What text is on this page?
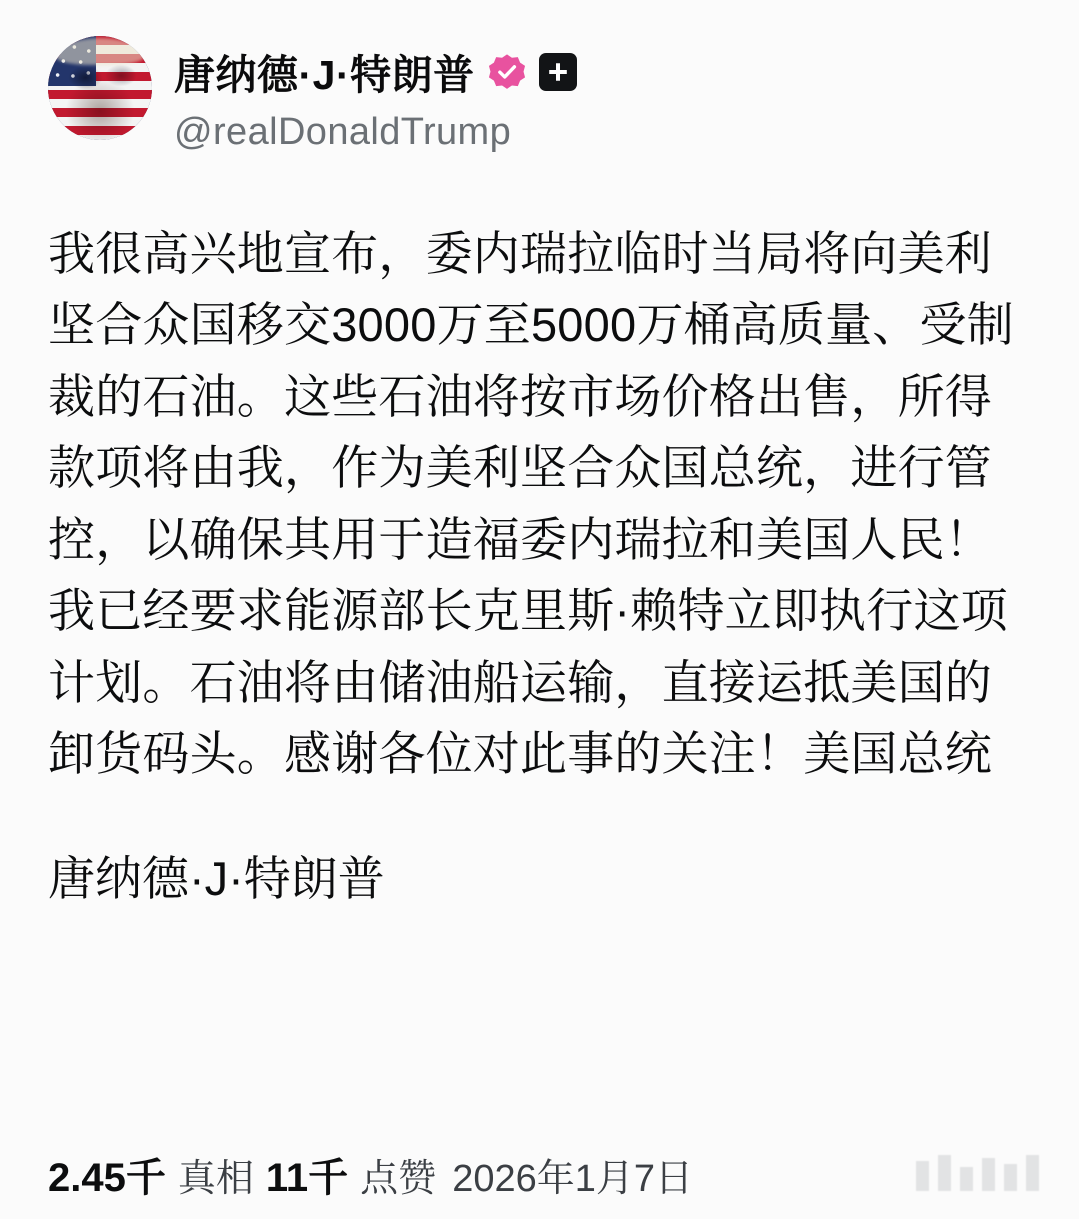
唐纳德·J·特朗普
@realDonaldTrump
我很高兴地宣布，委内瑞拉临时当局将向美利坚合众国移交3000万至5000万桶高质量、受制裁的石油。这些石油将按市场价格出售，所得款项将由我，作为美利坚合众国总统，进行管控，以确保其用于造福委内瑞拉和美国人民！我已经要求能源部长克里斯·赖特立即执行这项计划。石油将由储油船运输，直接运抵美国的卸货码头。感谢各位对此事的关注！美国总统
唐纳德·J·特朗普
2.45千 真相 11千 点赞 2026年1月7日
